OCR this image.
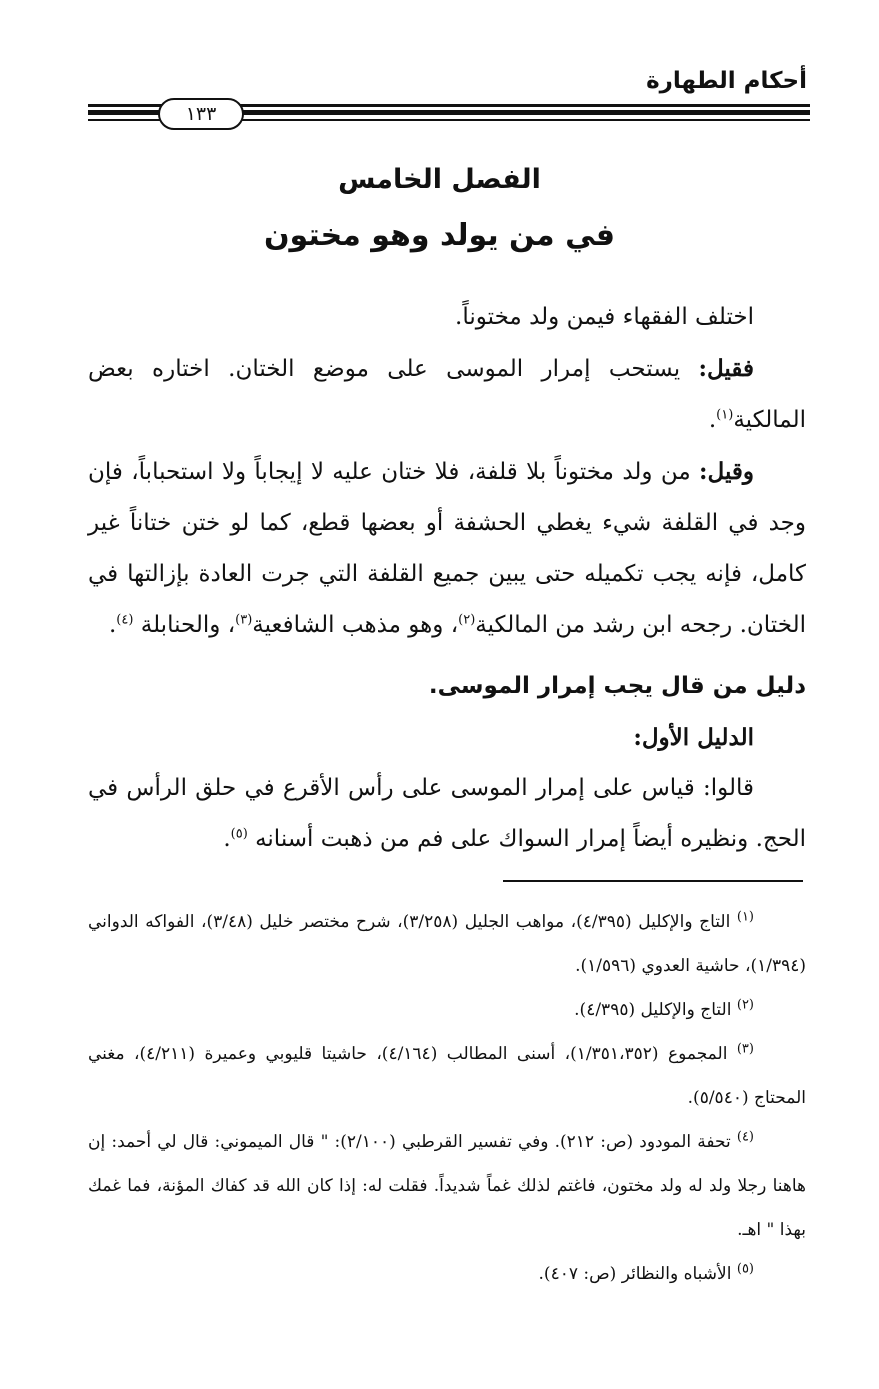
أحكام الطهارة
١٣٣
الفصل الخامس
في من يولد وهو مختون

اختلف الفقهاء فيمن ولد مختوناً.

فقيل: يستحب إمرار الموسى على موضع الختان. اختاره بعض المالكية$^{(١)}$.

وقيل: من ولد مختوناً بلا قلفة، فلا ختان عليه لا إيجاباً ولا استحباباً، فإن وجد في القلفة شيء يغطي الحشفة أو بعضها قطع، كما لو ختن ختاناً غير كامل، فإنه يجب تكميله حتى يبين جميع القلفة التي جرت العادة بإزالتها في الختان. رجحه ابن رشد من المالكية$^{(٢)}$، وهو مذهب الشافعية$^{(٣)}$، والحنابلة $^{(٤)}$.

دليل من قال يجب إمرار الموسى.

الدليل الأول:

قالوا: قياس على إمرار الموسى على رأس الأقرع في حلق الرأس في الحج. ونظيره أيضاً إمرار السواك على فم من ذهبت أسنانه $^{(٥)}$.

$^{(١)}$ التاج والإكليل (٤/٣٩٥)، مواهب الجليل (٣/٢٥٨)، شرح مختصر خليل (٣/٤٨)، الفواكه الدواني (١/٣٩٤)، حاشية العدوي (١/٥٩٦).

$^{(٢)}$ التاج والإكليل (٤/٣٩٥).

$^{(٣)}$ المجموع (١/٣٥١،٣٥٢)، أسنى المطالب (٤/١٦٤)، حاشيتا قليوبي وعميرة (٤/٢١١)، مغني المحتاج (٥/٥٤٠).

$^{(٤)}$ تحفة المودود (ص: ٢١٢). وفي تفسير القرطبي (٢/١٠٠): " قال الميموني: قال لي أحمد: إن هاهنا رجلا ولد له ولد مختون، فاغتم لذلك غماً شديداً. فقلت له: إذا كان الله قد كفاك المؤنة، فما غمك بهذا " اهـ.

$^{(٥)}$ الأشباه والنظائر (ص: ٤٠٧).
